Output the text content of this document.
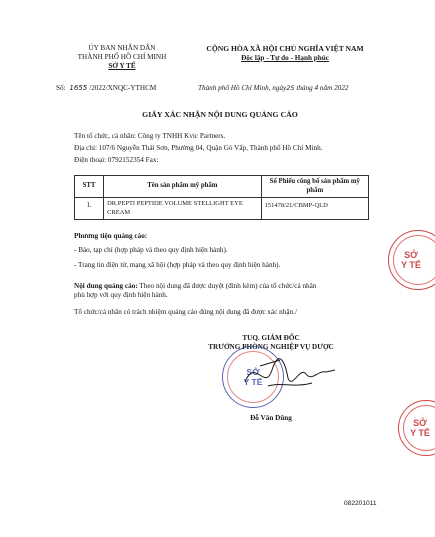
ỦY BAN NHÂN DÂN
THÀNH PHỐ HỒ CHÍ MINH
SỞ Y TẾ
CỘNG HÒA XÃ HỘI CHỦ NGHĨA VIỆT NAM
Độc lập - Tự do - Hạnh phúc
Số: 1655 /2022/XNQC-YTHCM	Thành phố Hồ Chí Minh, ngày25 tháng 4 năm 2022
GIẤY XÁC NHẬN NỘI DUNG QUẢNG CÁO
Tên tổ chức, cá nhân: Công ty TNHH Kvic Partners.
Địa chỉ: 107/6 Nguyễn Thái Sơn, Phường 04, Quận Gò Vấp, Thành phố Hồ Chí Minh.
Điện thoại: 0792152354 Fax:
STT	Tên sản phẩm mỹ phẩm	Số Phiếu công bố sản phẩm mỹ phẩm
1.	DR.PEPTI PEPTIDE VOLUME STELLIGHT EYE CREAM	151478/21/CBMP-QLD
Phương tiện quảng cáo:
- Báo, tạp chí (hợp pháp và theo quy định hiện hành).
- Trang tin điện tử, mạng xã hội (hợp pháp và theo quy định hiện hành).
Nội dung quảng cáo: Theo nội dung đã được duyệt (đính kèm) của tổ chức/cá nhân
phù hợp với quy định hiện hành.
Tổ chức/cá nhân có trách nhiệm quảng cáo đúng nội dung đã được xác nhận./
SỞ
Y TẾ
SỞ
Y TẾ
TUQ. GIÁM ĐỐC
TRƯỞNG PHÒNG NGHIỆP VỤ DƯỢC
SỞ
Y TẾ
Đỗ Văn Dũng
082201011
